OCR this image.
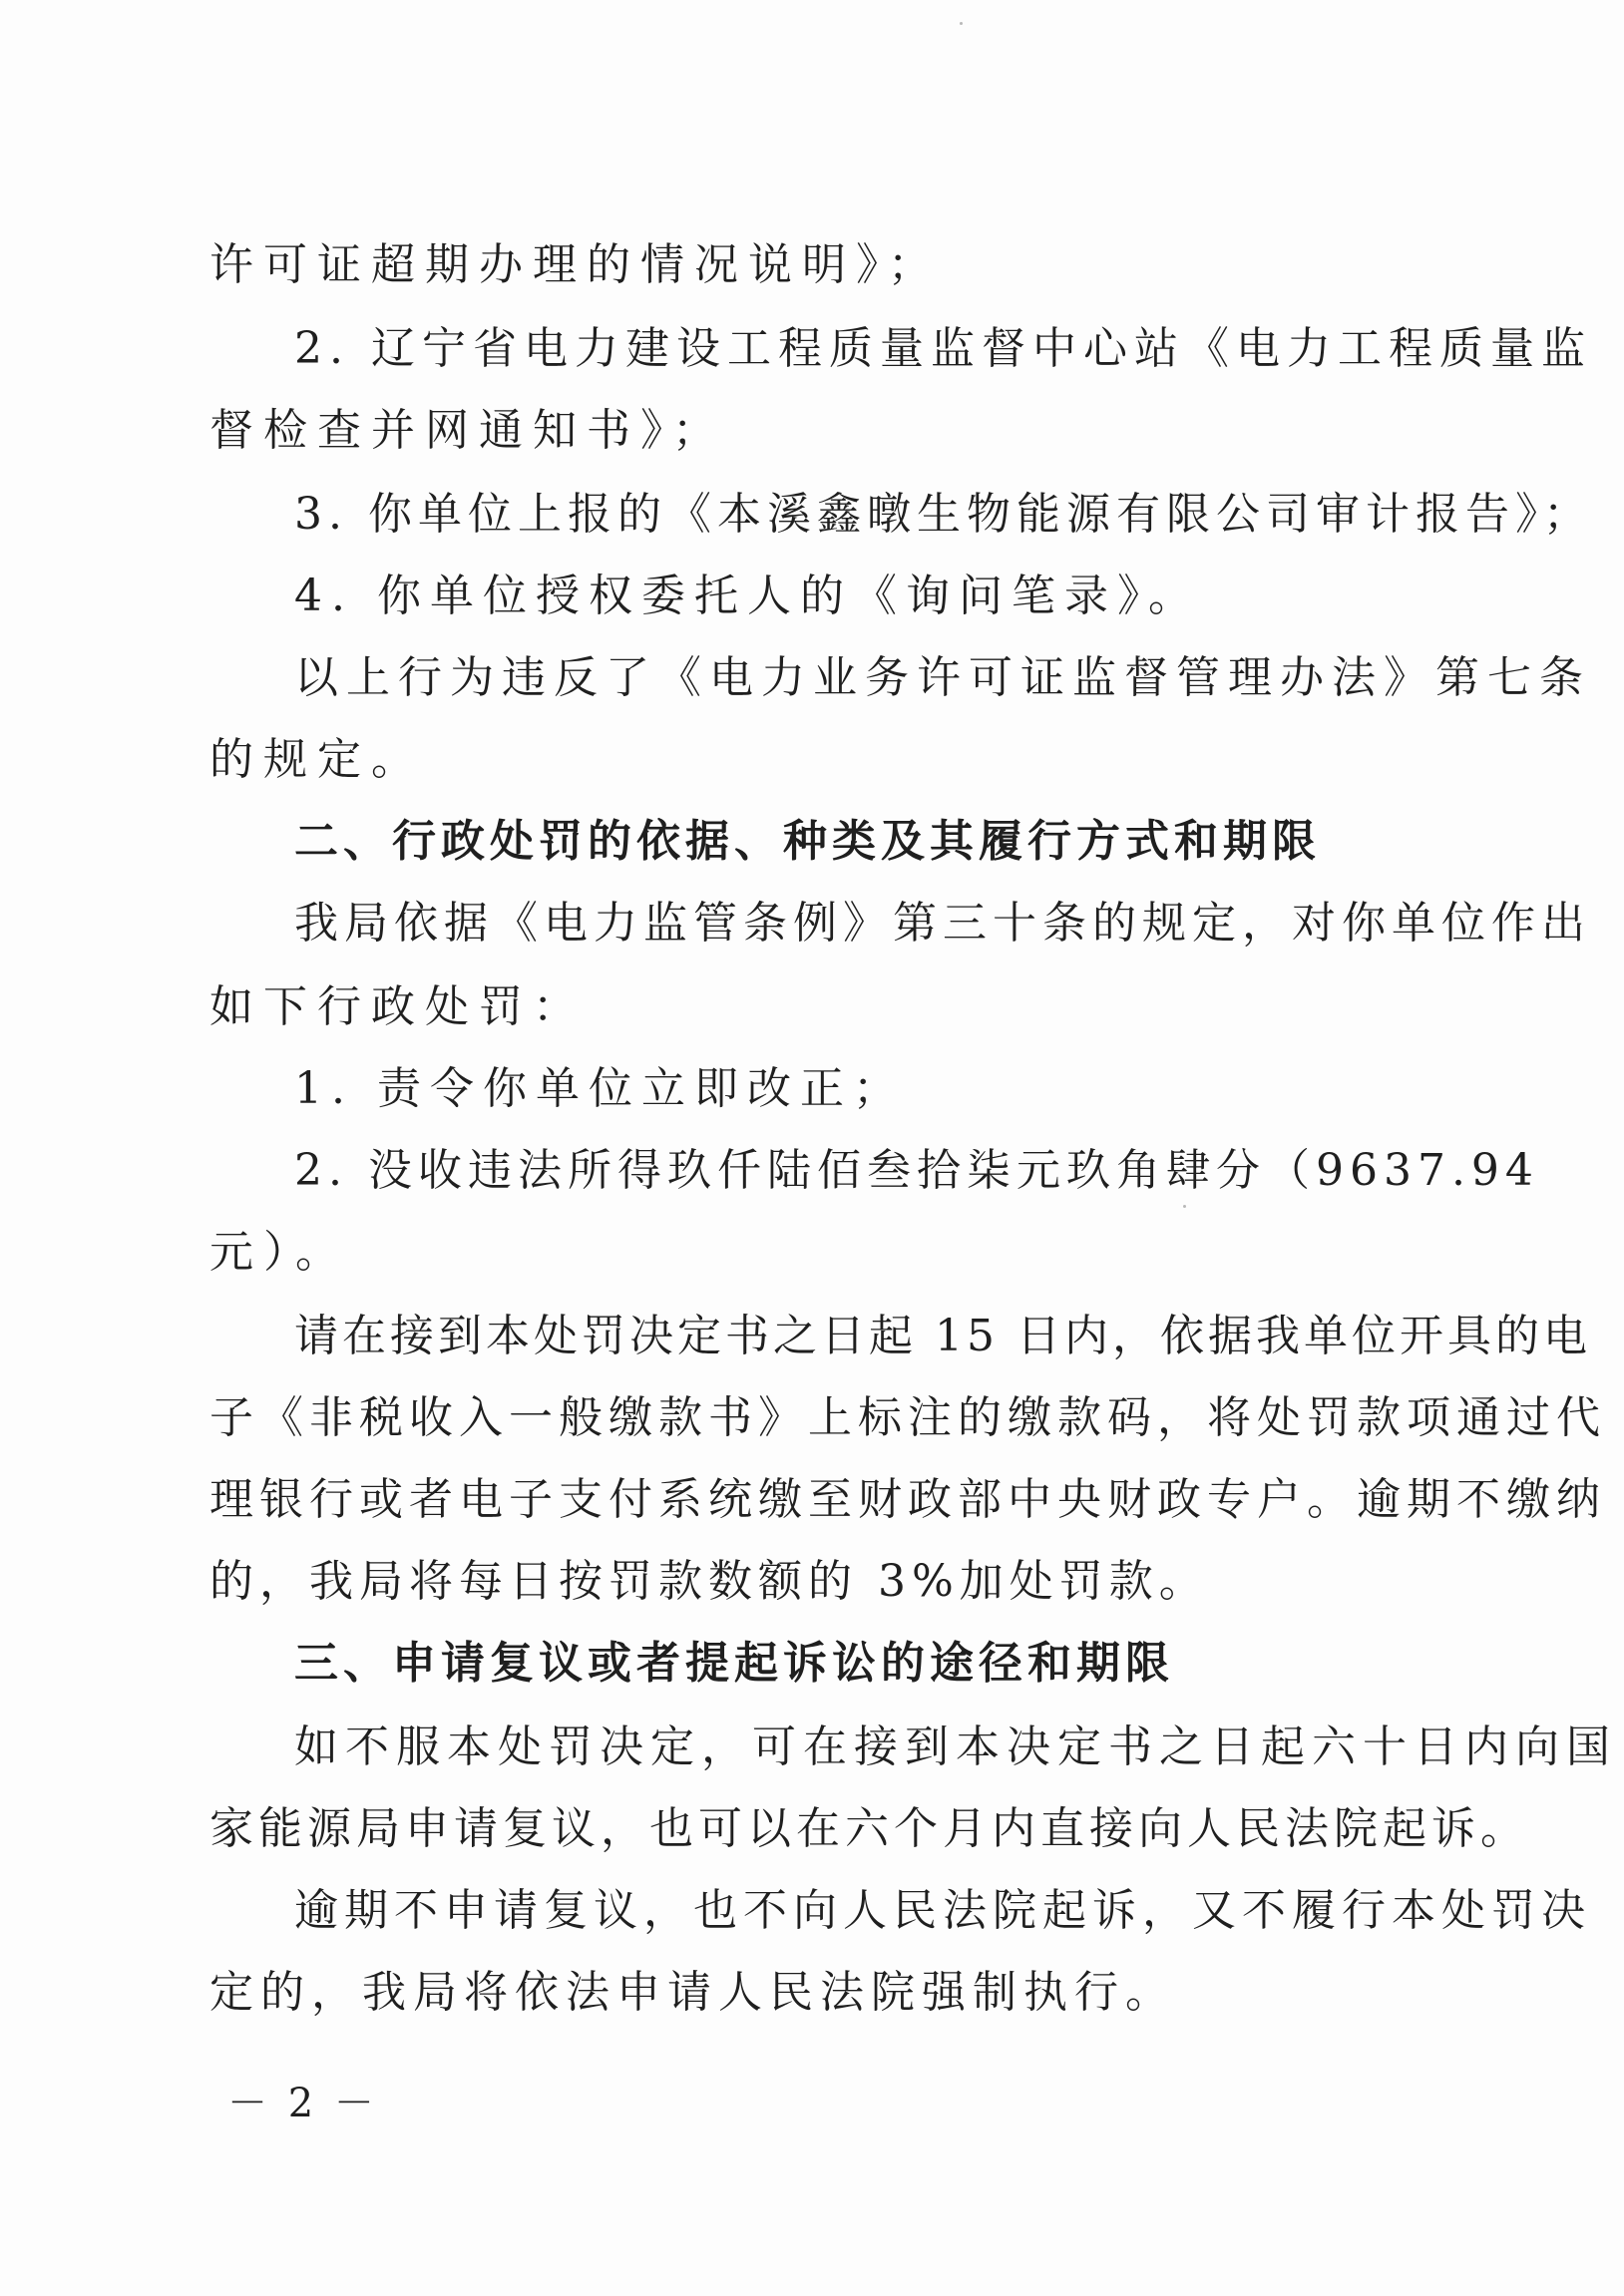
许可证超期办理的情况说明》；
2. 辽宁省电力建设工程质量监督中心站《电力工程质量监
督检查并网通知书》；
3. 你单位上报的《本溪鑫暾生物能源有限公司审计报告》；
4. 你单位授权委托人的《询问笔录》。
以上行为违反了《电力业务许可证监督管理办法》第七条
的规定。
二、行政处罚的依据、种类及其履行方式和期限
我局依据《电力监管条例》第三十条的规定，对你单位作出
如下行政处罚：
1. 责令你单位立即改正；
2. 没收违法所得玖仟陆佰叁拾柒元玖角肆分（9637.94
元）。
请在接到本处罚决定书之日起 15 日内，依据我单位开具的电
子《非税收入一般缴款书》上标注的缴款码，将处罚款项通过代
理银行或者电子支付系统缴至财政部中央财政专户。逾期不缴纳
的，我局将每日按罚款数额的 3%加处罚款。
三、申请复议或者提起诉讼的途径和期限
如不服本处罚决定，可在接到本决定书之日起六十日内向国
家能源局申请复议，也可以在六个月内直接向人民法院起诉。
逾期不申请复议，也不向人民法院起诉，又不履行本处罚决
定的，我局将依法申请人民法院强制执行。
－ 2 －
